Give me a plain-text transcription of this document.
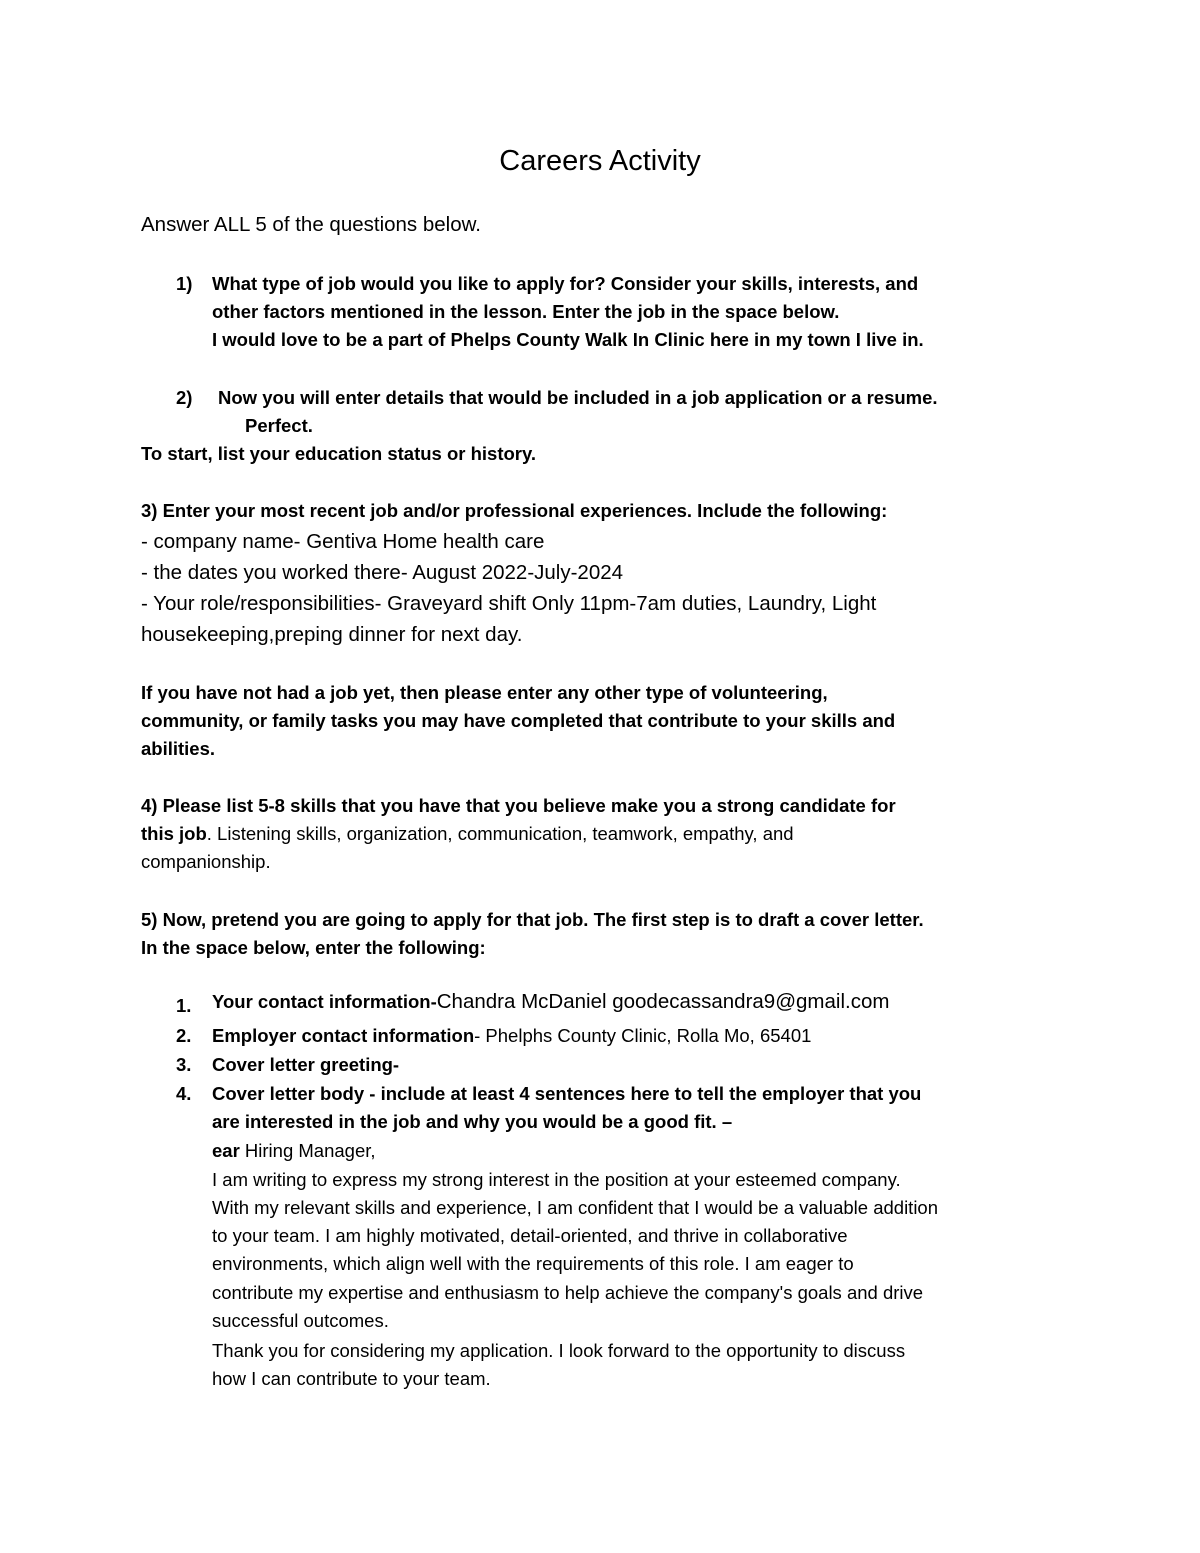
Careers Activity
Answer ALL 5 of the questions below.
1) What type of job would you like to apply for? Consider your skills, interests, and
other factors mentioned in the lesson. Enter the job in the space below.
I would love to be a part of Phelps County Walk In Clinic here in my town I live in.
2) Now you will enter details that would be included in a job application or a resume.
Perfect.
To start, list your education status or history.
3) Enter your most recent job and/or professional experiences. Include the following:
- company name- Gentiva Home health care
- the dates you worked there- August 2022-July-2024
- Your role/responsibilities- Graveyard shift Only 11pm-7am duties, Laundry, Light
housekeeping,preping dinner for next day.
If you have not had a job yet, then please enter any other type of volunteering,
community, or family tasks you may have completed that contribute to your skills and
abilities.
4) Please list 5-8 skills that you have that you believe make you a strong candidate for
this job. Listening skills, organization, communication, teamwork, empathy, and
companionship.
5) Now, pretend you are going to apply for that job. The first step is to draft a cover letter.
In the space below, enter the following:
1. Your contact information-Chandra McDaniel goodecassandra9@gmail.com
2. Employer contact information- Phelphs County Clinic, Rolla Mo, 65401
3. Cover letter greeting-
4. Cover letter body - include at least 4 sentences here to tell the employer that you
are interested in the job and why you would be a good fit. –
ear Hiring Manager,
I am writing to express my strong interest in the position at your esteemed company.
With my relevant skills and experience, I am confident that I would be a valuable addition
to your team. I am highly motivated, detail-oriented, and thrive in collaborative
environments, which align well with the requirements of this role. I am eager to
contribute my expertise and enthusiasm to help achieve the company's goals and drive
successful outcomes.
Thank you for considering my application. I look forward to the opportunity to discuss
how I can contribute to your team.
